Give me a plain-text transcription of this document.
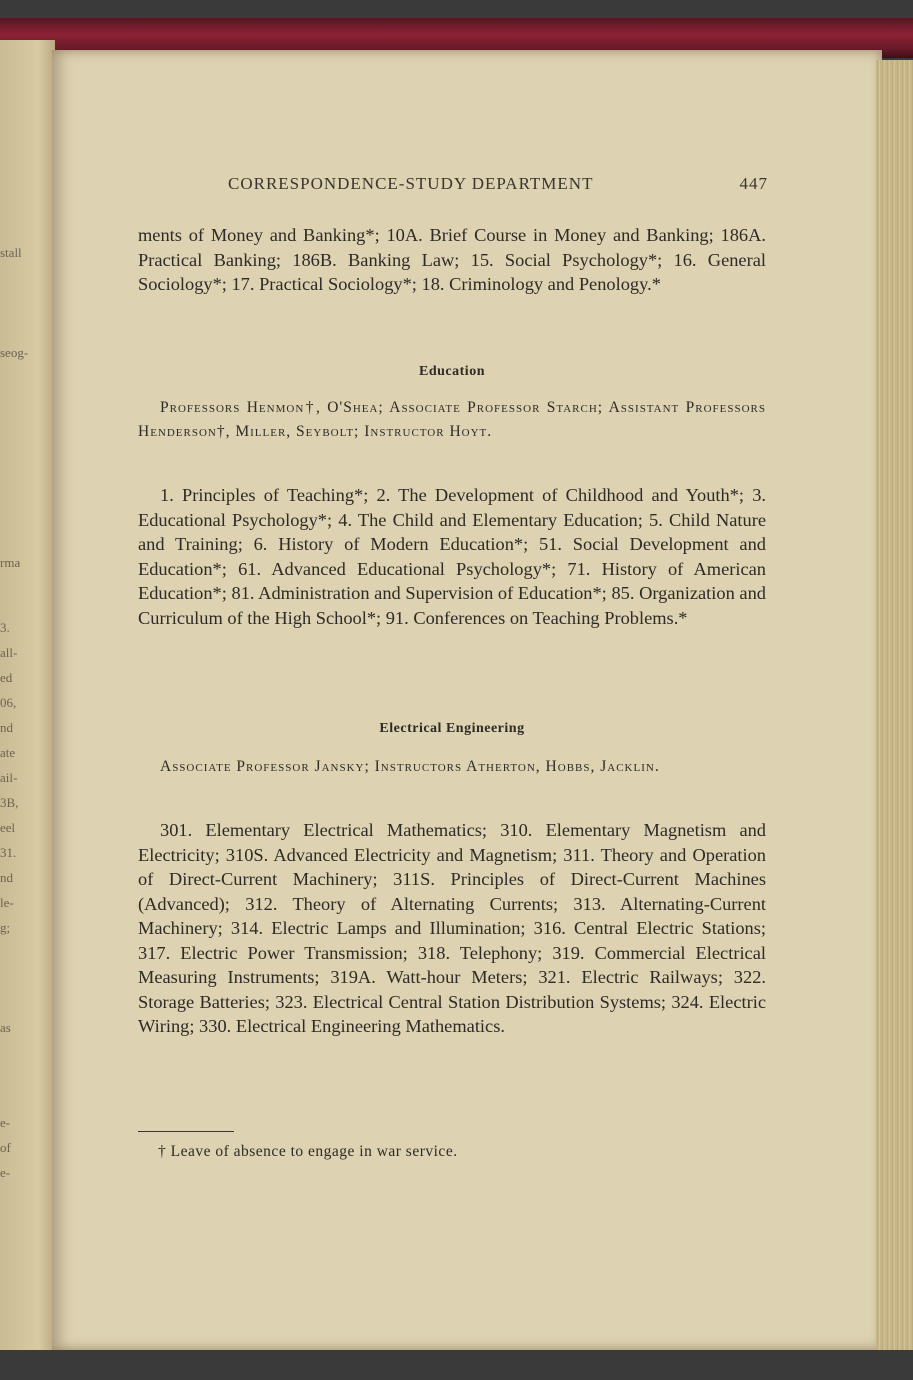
stall
seog-
rma
3.
all-
ed
06,
nd
ate
ail-
3B,
eel
31.
nd
le-
g;
as
e-
of
e-
CORRESPONDENCE-STUDY DEPARTMENT	447

ments of Money and Banking*; 10A. Brief Course in Money and Banking; 186A. Practical Banking; 186B. Banking Law; 15. Social Psychology*; 16. General Sociology*; 17. Practical Sociology*; 18. Criminology and Penology.*

Education

Professors Henmon†, O'Shea; Associate Professor Starch; Assistant Professors Henderson†, Miller, Seybolt; Instructor Hoyt.

1. Principles of Teaching*; 2. The Development of Childhood and Youth*; 3. Educational Psychology*; 4. The Child and Elementary Education; 5. Child Nature and Training; 6. History of Modern Education*; 51. Social Development and Education*; 61. Advanced Educational Psychology*; 71. History of American Education*; 81. Administration and Supervision of Education*; 85. Organization and Curriculum of the High School*; 91. Conferences on Teaching Problems.*

Electrical Engineering

Associate Professor Jansky; Instructors Atherton, Hobbs, Jacklin.

301. Elementary Electrical Mathematics; 310. Elementary Magnetism and Electricity; 310S. Advanced Electricity and Magnetism; 311. Theory and Operation of Direct-Current Machinery; 311S. Principles of Direct-Current Machines (Advanced); 312. Theory of Alternating Currents; 313. Alternating-Current Machinery; 314. Electric Lamps and Illumination; 316. Central Electric Stations; 317. Electric Power Transmission; 318. Telephony; 319. Commercial Electrical Measuring Instruments; 319A. Watt-hour Meters; 321. Electric Railways; 322. Storage Batteries; 323. Electrical Central Station Distribution Systems; 324. Electric Wiring; 330. Electrical Engineering Mathematics.

† Leave of absence to engage in war service.
